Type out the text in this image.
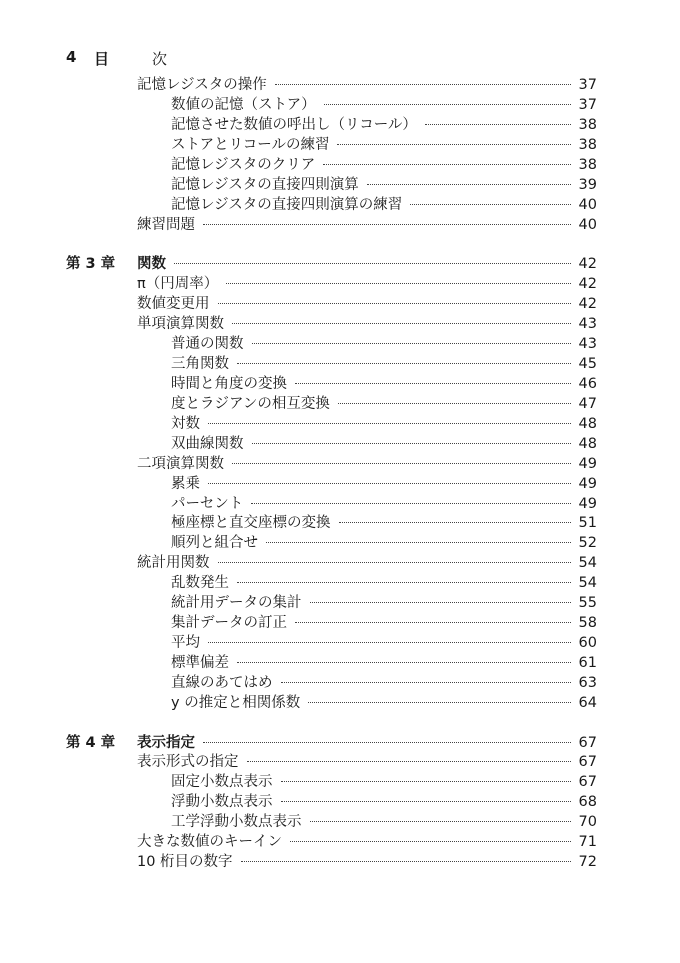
4

目

	次

記憶レジスタの操作	37
数値の記憶（ストア）	37
記憶させた数値の呼出し（リコール）	38
ストアとリコールの練習	38
記憶レジスタのクリア	38
記憶レジスタの直接四則演算	39
記憶レジスタの直接四則演算の練習	40
練習問題	40
第 3 章	関数	42
π（円周率）	42
数値変更用	42
単項演算関数	43
普通の関数	43
三角関数	45
時間と角度の変換	46
度とラジアンの相互変換	47
対数	48
双曲線関数	48
二項演算関数	49
累乗	49
パーセント	49
極座標と直交座標の変換	51
順列と組合せ	52
統計用関数	54
乱数発生	54
統計用データの集計	55
集計データの訂正	58
平均	60
標準偏差	61
直線のあてはめ	63
y の推定と相関係数	64
第 4 章	表示指定	67
表示形式の指定	67
固定小数点表示	67
浮動小数点表示	68
工学浮動小数点表示	70
大きな数値のキーイン	71
10 桁目の数字	72
